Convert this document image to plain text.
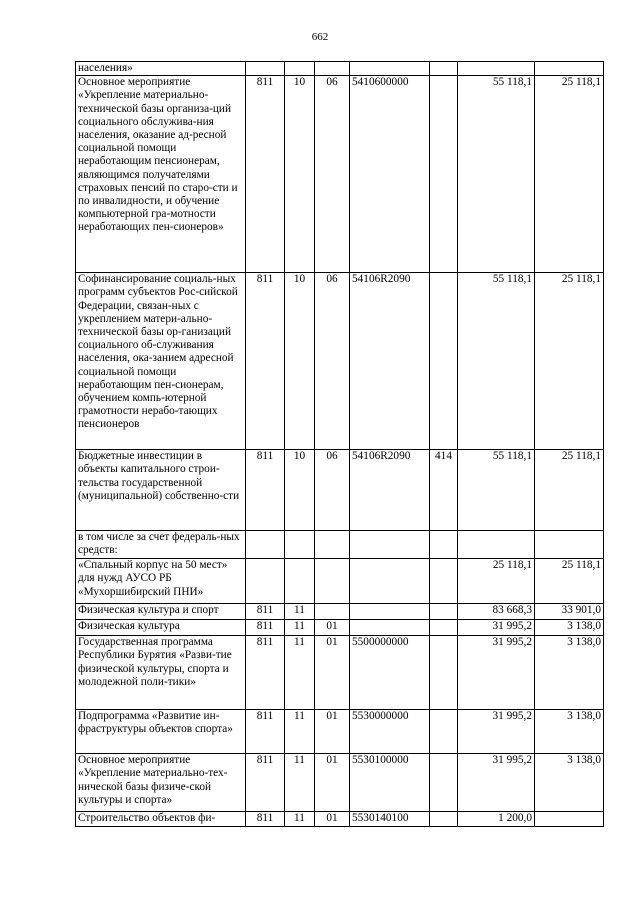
662
населения»							
Основное мероприятие «Укрепление материально-технической базы организа-ций социального обслужива-ния населения, оказание ад-ресной социальной помощи неработающим пенсионерам, являющимся получателями страховых пенсий по старо-сти и по инвалидности, и обучение компьютерной гра-мотности неработающих пен-сионеров»	811	10	06	5410600000		55 118,1	25 118,1
Софинансирование социаль-ных программ субъектов Рос-сийской Федерации, связан-ных с укреплением матери-ально-технической базы ор-ганизаций социального об-служивания населения, ока-занием адресной социальной помощи неработающим пен-сионерам, обучением компь-ютерной грамотности нерабо-тающих пенсионеров	811	10	06	54106R2090		55 118,1	25 118,1
Бюджетные инвестиции в объекты капитального строи-тельства государственной (муниципальной) собственно-сти	811	10	06	54106R2090	414	55 118,1	25 118,1
в том числе за счет федераль-ных средств:							
«Спальный корпус на 50 мест» для нужд АУСО РБ «Мухоршибирский ПНИ»						25 118,1	25 118,1
Физическая культура и спорт	811	11				83 668,3	33 901,0
Физическая культура	811	11	01			31 995,2	3 138,0
Государственная программа Республики Бурятия «Разви-тие физической культуры, спорта и молодежной поли-тики»	811	11	01	5500000000		31 995,2	3 138,0
Подпрограмма «Развитие ин-фраструктуры объектов спорта»	811	11	01	5530000000		31 995,2	3 138,0
Основное мероприятие «Укрепление материально-тех-нической базы физиче-ской культуры и спорта»	811	11	01	5530100000		31 995,2	3 138,0
Строительство объектов фи-	811	11	01	5530140100		1 200,0	
